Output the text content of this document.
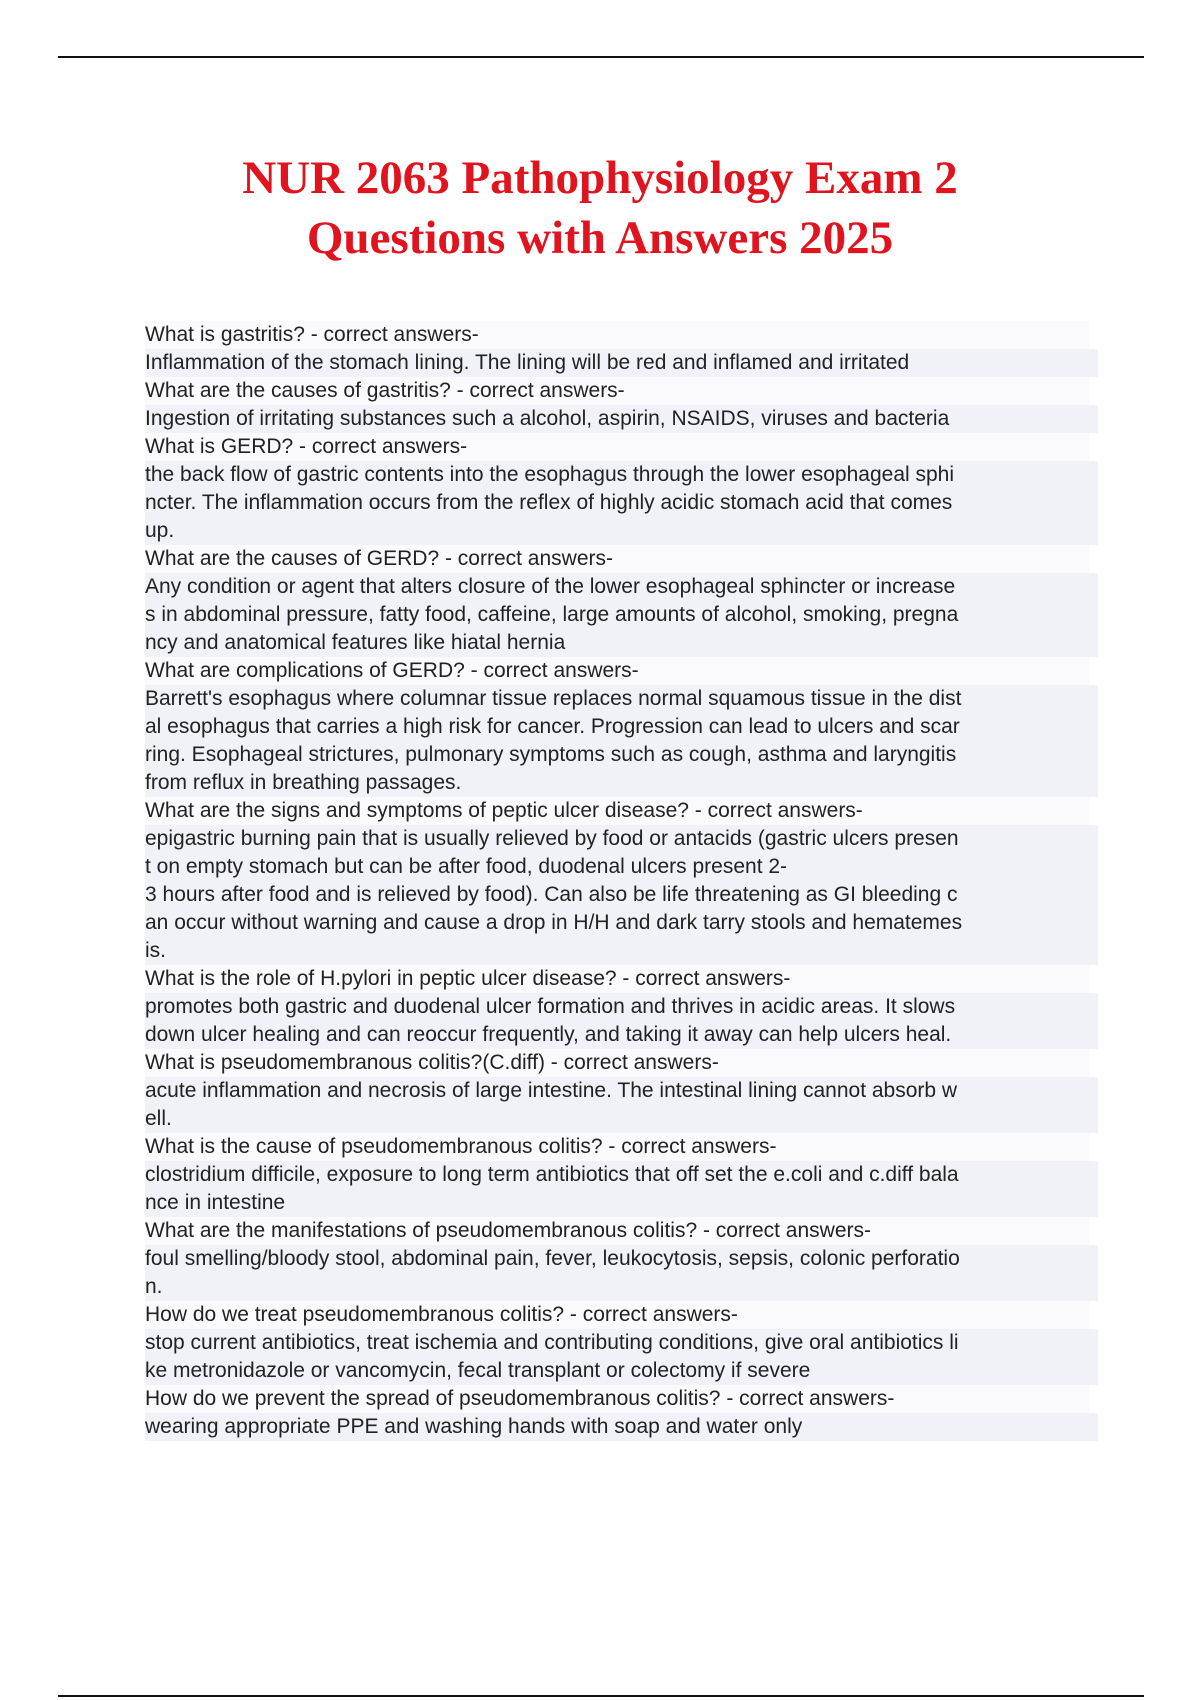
NUR 2063 Pathophysiology Exam 2
Questions with Answers 2025
What is gastritis? - correct answers-
Inflammation of the stomach lining. The lining will be red and inflamed and irritated
What are the causes of gastritis? - correct answers-
Ingestion of irritating substances such a alcohol, aspirin, NSAIDS, viruses and bacteria
What is GERD? - correct answers-
the back flow of gastric contents into the esophagus through the lower esophageal sphi
ncter. The inflammation occurs from the reflex of highly acidic stomach acid that comes
up.
What are the causes of GERD? - correct answers-
Any condition or agent that alters closure of the lower esophageal sphincter or increase
s in abdominal pressure, fatty food, caffeine, large amounts of alcohol, smoking, pregna
ncy and anatomical features like hiatal hernia
What are complications of GERD? - correct answers-
Barrett's esophagus where columnar tissue replaces normal squamous tissue in the dist
al esophagus that carries a high risk for cancer. Progression can lead to ulcers and scar
ring. Esophageal strictures, pulmonary symptoms such as cough, asthma and laryngitis
from reflux in breathing passages.
What are the signs and symptoms of peptic ulcer disease? - correct answers-
epigastric burning pain that is usually relieved by food or antacids (gastric ulcers presen
t on empty stomach but can be after food, duodenal ulcers present 2-
3 hours after food and is relieved by food). Can also be life threatening as GI bleeding c
an occur without warning and cause a drop in H/H and dark tarry stools and hematemes
is.
What is the role of H.pylori in peptic ulcer disease? - correct answers-
promotes both gastric and duodenal ulcer formation and thrives in acidic areas. It slows
down ulcer healing and can reoccur frequently, and taking it away can help ulcers heal.
What is pseudomembranous colitis?(C.diff) - correct answers-
acute inflammation and necrosis of large intestine. The intestinal lining cannot absorb w
ell.
What is the cause of pseudomembranous colitis? - correct answers-
clostridium difficile, exposure to long term antibiotics that off set the e.coli and c.diff bala
nce in intestine
What are the manifestations of pseudomembranous colitis? - correct answers-
foul smelling/bloody stool, abdominal pain, fever, leukocytosis, sepsis, colonic perforatio
n.
How do we treat pseudomembranous colitis? - correct answers-
stop current antibiotics, treat ischemia and contributing conditions, give oral antibiotics li
ke metronidazole or vancomycin, fecal transplant or colectomy if severe
How do we prevent the spread of pseudomembranous colitis? - correct answers-
wearing appropriate PPE and washing hands with soap and water only
